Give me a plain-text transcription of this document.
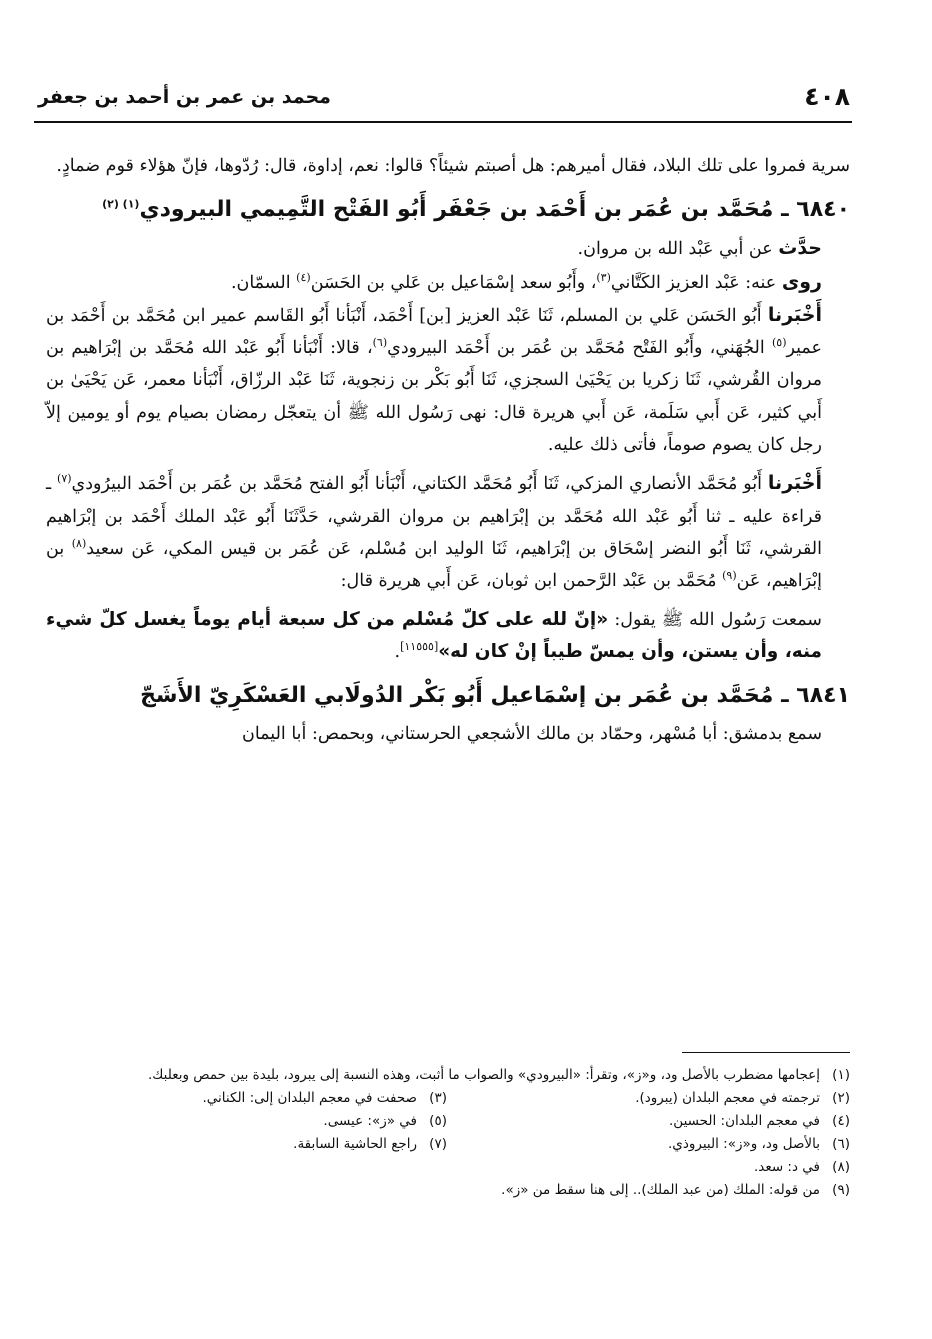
٤٠٨
محمد بن عمر بن أحمد بن جعفر

سرية فمروا على تلك البلاد، فقال أميرهم: هل أصبتم شيئاً؟ قالوا: نعم، إداوة، قال: رُدّوها، فإنّ هؤلاء قوم ضمادٍ.

٦٨٤٠ ـ مُحَمَّد بن عُمَر بن أَحْمَد بن جَعْفَر أَبُو الفَتْح التَّمِيمي البيرودي$^{(١) (٢)}$

حدَّث عن أبي عَبْد الله بن مروان.

روى عنه: عَبْد العزيز الكَتَّاني$^{(٣)}$، وأَبُو سعد إسْمَاعيل بن عَلي بن الحَسَن$^{(٤)}$ السمّان.

أَخْبَرنا أَبُو الحَسَن عَلي بن المسلم، ثَنَا عَبْد العزيز [بن] أَحْمَد، أَنْبَأنا أَبُو القَاسم عمير ابن مُحَمَّد بن أَحْمَد بن عمير$^{(٥)}$ الجُهَني، وأَبُو الفَتْح مُحَمَّد بن عُمَر بن أَحْمَد البيرودي$^{(٦)}$، قالا: أَنْبَأنا أَبُو عَبْد الله مُحَمَّد بن إبْرَاهيم بن مروان القُرشي، ثَنَا زكريا بن يَحْيَىٰ السجزي، ثَنَا أَبُو بَكْر بن زنجوية، ثَنَا عَبْد الرزّاق، أَنْبَأنا معمر، عَن يَحْيَىٰ بن أَبي كثير، عَن أَبي سَلَمة، عَن أَبي هريرة قال: نهى رَسُول الله ﷺ أن يتعجّل رمضان بصيام يوم أو يومين إلاّ رجل كان يصوم صوماً، فأتى ذلك عليه.

أَخْبَرنا أَبُو مُحَمَّد الأنصاري المزكي، ثَنَا أَبُو مُحَمَّد الكتاني، أَنْبَأنا أَبُو الفتح مُحَمَّد بن عُمَر بن أَحْمَد البيرُودي$^{(٧)}$ ـ قراءة عليه ـ ثنا أَبُو عَبْد الله مُحَمَّد بن إبْرَاهيم بن مروان القرشي، حَدَّثَنَا أَبُو عَبْد الملك أَحْمَد بن إبْرَاهيم القرشي، ثَنَا أَبُو النضر إسْحَاق بن إبْرَاهيم، ثَنَا الوليد ابن مُسْلم، عَن عُمَر بن قيس المكي، عَن سعيد$^{(٨)}$ بن إبْرَاهيم، عَن$^{(٩)}$ مُحَمَّد بن عَبْد الرَّحمن ابن ثوبان، عَن أَبي هريرة قال:

سمعت رَسُول الله ﷺ يقول: «إنّ لله على كلّ مُسْلم من كل سبعة أيام يوماً يغسل كلّ شيء منه، وأن يستن، وأن يمسّ طيباً إنْ كان له»[١١٥٥٥].

٦٨٤١ ـ مُحَمَّد بن عُمَر بن إسْمَاعيل أَبُو بَكْر الدُولَابي العَسْكَرِيّ الأَشَجّ

سمع بدمشق: أبا مُسْهر، وحمّاد بن مالك الأشجعي الحرستاني، وبحمص: أبا اليمان

(١)
إعجامها مضطرب بالأصل ود، و«ز»، وتقرأ: «البيرودي» والصواب ما أثبت، وهذه النسبة إلى يبرود، بليدة بين حمص وبعلبك.
(٢)
ترجمته في معجم البلدان (يبرود).
(٣)
صحفت في معجم البلدان إلى: الكناني.
(٤)
في معجم البلدان: الحسين.
(٥)
في «ز»: عيسى.
(٦)
بالأصل ود، و«ز»: البيروذي.
(٧)
راجع الحاشية السابقة.
(٨)
في د: سعد.
(٩)
من قوله: الملك (من عبد الملك).. إلى هنا سقط من «ز».
